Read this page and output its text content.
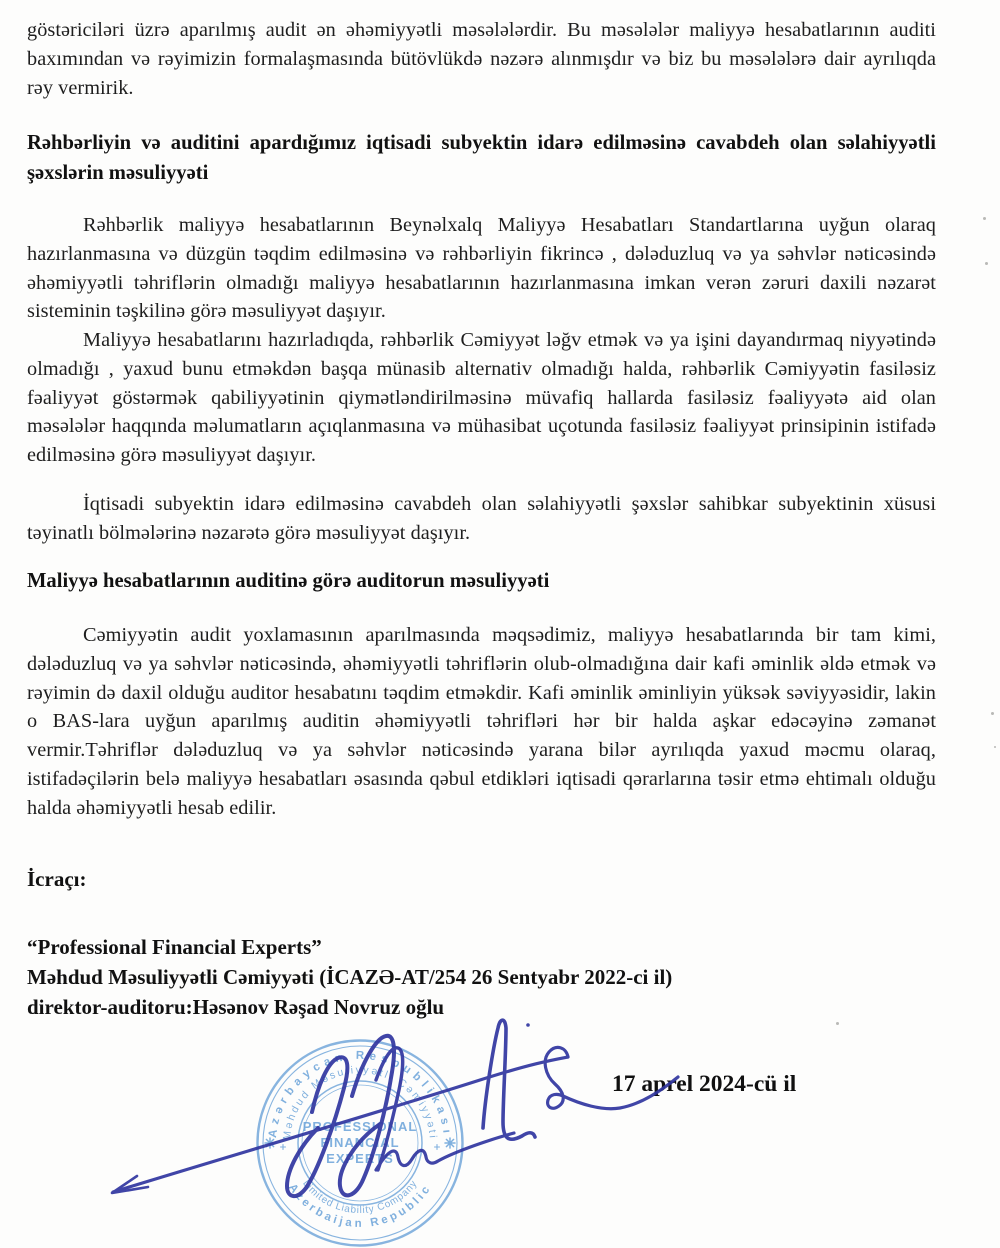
göstəriciləri üzrə aparılmış audit ən əhəmiyyətli məsələlərdir. Bu məsələlər maliyyə hesabatlarının auditi baxımından və rəyimizin formalaşmasında bütövlükdə nəzərə alınmışdır və biz bu məsələlərə dair ayrılıqda rəy vermirik.
Rəhbərliyin və auditini apardığımız iqtisadi subyektin idarə edilməsinə cavabdeh olan səlahiyyətli şəxslərin məsuliyyəti
Rəhbərlik maliyyə hesabatlarının Beynəlxalq Maliyyə Hesabatları Standartlarına uyğun olaraq hazırlanmasına və düzgün təqdim edilməsinə və rəhbərliyin fikrincə , dələduzluq və ya səhvlər nəticəsində əhəmiyyətli təhriflərin olmadığı maliyyə hesabatlarının hazırlanmasına imkan verən zəruri daxili nəzarət sisteminin təşkilinə görə məsuliyyət daşıyır.
Maliyyə hesabatlarını hazırladıqda, rəhbərlik Cəmiyyət ləğv etmək və ya işini dayandırmaq niyyətində olmadığı , yaxud bunu etməkdən başqa münasib alternativ olmadığı halda, rəhbərlik Cəmiyyətin fasiləsiz fəaliyyət göstərmək qabiliyyətinin qiymətləndirilməsinə müvafiq hallarda fasiləsiz fəaliyyətə aid olan məsələlər haqqında məlumatların açıqlanmasına və mühasibat uçotunda fasiləsiz fəaliyyət prinsipinin istifadə edilməsinə görə məsuliyyət daşıyır.
İqtisadi subyektin idarə edilməsinə cavabdeh olan səlahiyyətli şəxslər sahibkar subyektinin xüsusi təyinatlı bölmələrinə nəzarətə görə məsuliyyət daşıyır.
Maliyyə hesabatlarının auditinə görə auditorun məsuliyyəti
Cəmiyyətin audit yoxlamasının aparılmasında məqsədimiz, maliyyə hesabatlarında bir tam kimi, dələduzluq və ya səhvlər nəticəsində, əhəmiyyətli təhriflərin olub-olmadığına dair kafi əminlik əldə etmək və rəyimin də daxil olduğu auditor hesabatını təqdim etməkdir. Kafi əminlik əminliyin yüksək səviyyəsidir, lakin o BAS-lara uyğun aparılmış auditin əhəmiyyətli təhrifləri hər bir halda aşkar edəcəyinə zəmanət vermir.Təhriflər dələduzluq və ya səhvlər nəticəsində yarana bilər ayrılıqda yaxud məcmu olaraq, istifadəçilərin belə maliyyə hesabatları əsasında qəbul etdikləri iqtisadi qərarlarına təsir etmə ehtimalı olduğu halda əhəmiyyətli hesab edilir.
İcraçı:
“Professional Financial Experts”
Məhdud Məsuliyyətli Cəmiyyəti (İCAZƏ-AT/254 26 Sentyabr 2022-ci il)
direktor-auditoru:Həsənov Rəşad Novruz oğlu
17 aprel 2024-cü il
Azərbaycan Respublikası
Azerbaijan Republic
Məhdud Məsuliyyətli Cəmiyyəti
Limited Liability Company
PROFESSIONAL
FINANCIAL
EXPERTS
